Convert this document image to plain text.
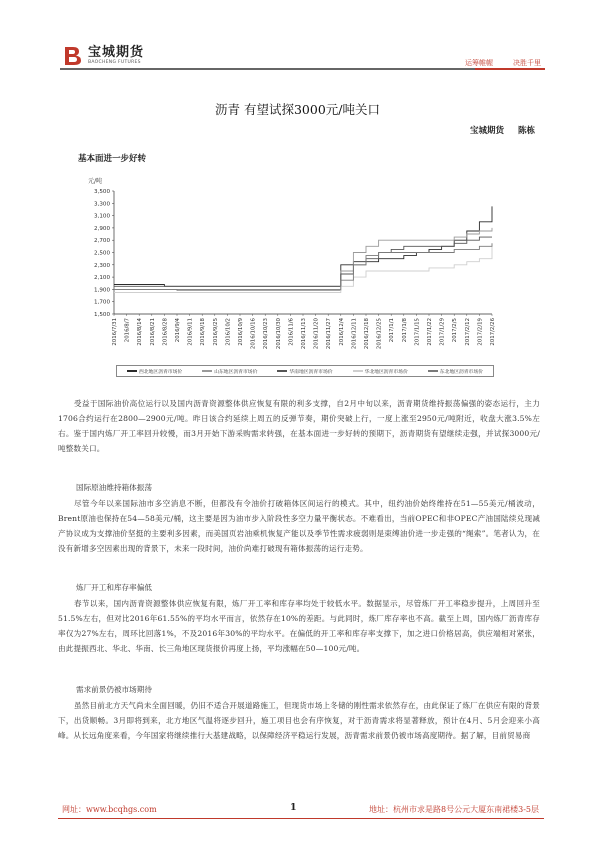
宝城期货
BAOCHENG FUTURES	运筹帷幄	决胜千里
沥青 有望试探3000元/吨关口
宝城期货 陈栋
基本面进一步好转
元/吨
1,500
1,700
1,900
2,100
2,300
2,500
2,700
2,900
3,100
3,300
3,500
2016/7/31 2016/8/7 2016/8/14 2016/8/21 2016/8/28 2016/9/4 2016/9/11 2016/9/18 2016/9/25 2016/10/2 2016/10/9 2016/10/16 2016/10/23 2016/10/30 2016/11/6 2016/11/13 2016/11/20 2016/11/27 2016/12/4 2016/12/11 2016/12/18 2016/12/25 2017/1/1 2017/1/8 2017/1/15 2017/1/22 2017/1/29 2017/2/5 2017/2/12 2017/2/19 2017/2/26
西北地区沥青市场价	山东地区沥青市场价	华南地区沥青市场价	华北地区沥青市场价	东北地区沥青市场价

受益于国际油价高位运行以及国内沥青资源整体供应恢复有限的利多支撑，自2月中旬以来，沥青期货维持振荡偏强的姿态运行，主力1706合约运行在2800—2900元/吨。昨日该合约延续上周五的反弹节奏，期价突破上行，一度上涨至2950元/吨附近，收盘大涨3.5%左右。鉴于国内炼厂开工率回升较慢，而3月开始下游采购需求转强，在基本面进一步好转的预期下，沥青期货有望继续走强，并试探3000元/吨整数关口。

国际原油维持箱体振荡

尽管今年以来国际油市多空消息不断，但都没有令油价打破箱体区间运行的模式。其中，纽约油价始终维持在51—55美元/桶波动，Brent原油也保持在54—58美元/桶，这主要是因为油市步入阶段性多空力量平衡状态。不难看出，当前OPEC和非OPEC产油国陆续兑现减产协议成为支撑油价坚挺的主要利多因素，而美国页岩油乘机恢复产能以及季节性需求疲弱则是束缚油价进一步走强的“绳索”。笔者认为，在没有新增多空因素出现的背景下，未来一段时间，油价尚难打破现有箱体振荡的运行走势。

炼厂开工和库存率偏低

春节以来，国内沥青资源整体供应恢复有限，炼厂开工率和库存率均处于较低水平。数据显示，尽管炼厂开工率稳步提升，上周回升至51.5%左右，但对比2016年61.55%的平均水平而言，依然存在10%的差距。与此同时，炼厂库存率也不高。截至上周，国内炼厂沥青库存率仅为27%左右，周环比回落1%，不及2016年30%的平均水平。在偏低的开工率和库存率支撑下，加之进口价格居高，供应端相对紧张，由此提振西北、华北、华南、长三角地区现货报价再度上扬，平均涨幅在50—100元/吨。

需求前景仍被市场期待

虽然目前北方天气尚未全面回暖，仍旧不适合开展道路施工，但现货市场上冬储的刚性需求依然存在，由此保证了炼厂在供应有限的背景下，出货顺畅。3月即将到来，北方地区气温将逐步回升，施工项目也会有序恢复，对于沥青需求将显著释放，预计在4月、5月会迎来小高峰。从长远角度来看，今年国家将继续推行大基建战略，以保障经济平稳运行发展，沥青需求前景仍被市场高度期待。据了解，目前贸易商

网址：www.bcqhgs.com	1	地址：杭州市求是路8号公元大厦东南裙楼3-5层
